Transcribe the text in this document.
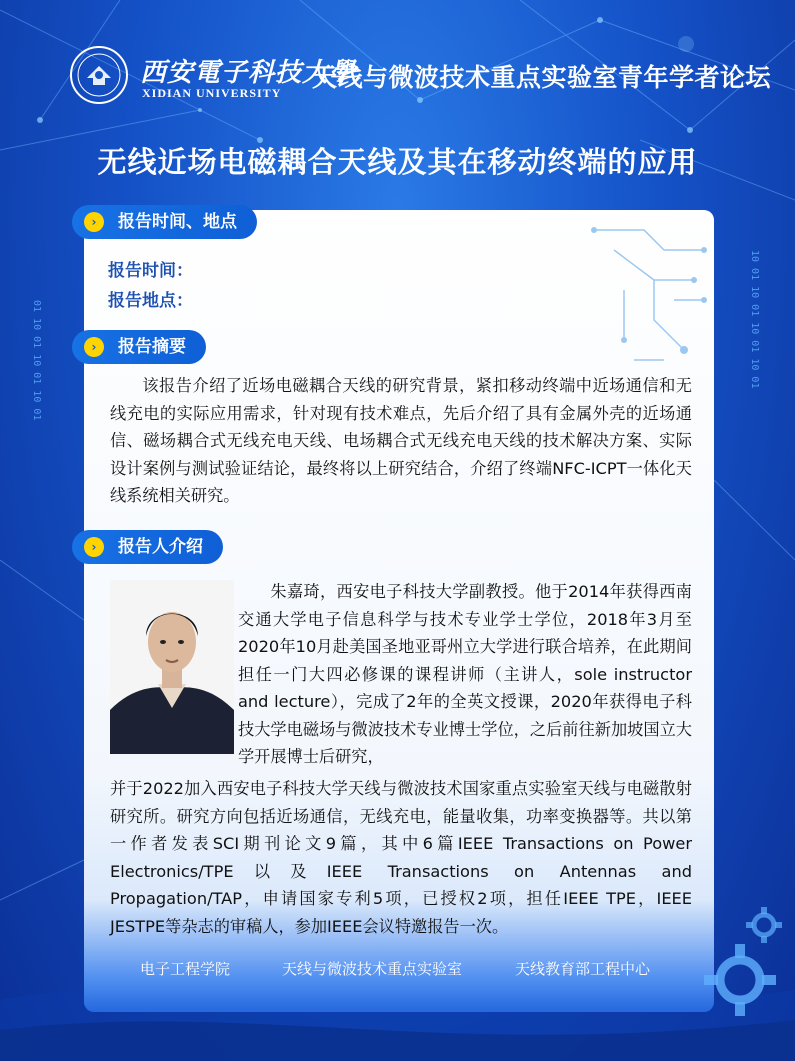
01 10 01 10 01 10 01	10 01 10 01 10 01 10 01
西安電子科技大學
XIDIAN UNIVERSITY
天线与微波技术重点实验室青年学者论坛
无线近场电磁耦合天线及其在移动终端的应用
›	报告时间、地点
报告时间：
报告地点：
›	报告摘要
该报告介绍了近场电磁耦合天线的研究背景，紧扣移动终端中近场通信和无线充电的实际应用需求，针对现有技术难点，先后介绍了具有金属外壳的近场通信、磁场耦合式无线充电天线、电场耦合式无线充电天线的技术解决方案、实际设计案例与测试验证结论，最终将以上研究结合，介绍了终端NFC-ICPT一体化天线系统相关研究。
›	报告人介绍
朱嘉琦，西安电子科技大学副教授。他于2014年获得西南交通大学电子信息科学与技术专业学士学位，2018年3月至2020年10月赴美国圣地亚哥州立大学进行联合培养，在此期间担任一门大四必修课的课程讲师（主讲人，sole instructor and lecture），完成了2年的全英文授课，2020年获得电子科技大学电磁场与微波技术专业博士学位，之后前往新加坡国立大学开展博士后研究，
并于2022加入西安电子科技大学天线与微波技术国家重点实验室天线与电磁散射研究所。研究方向包括近场通信，无线充电，能量收集，功率变换器等。共以第一作者发表SCI期刊论文9篇，其中6篇IEEE Transactions on Power Electronics/TPE以及IEEE Transactions on Antennas and Propagation/TAP，申请国家专利5项，已授权2项，担任IEEE TPE，IEEE JESTPE等杂志的审稿人，参加IEEE会议特邀报告一次。
电子工程学院	天线与微波技术重点实验室	天线教育部工程中心
